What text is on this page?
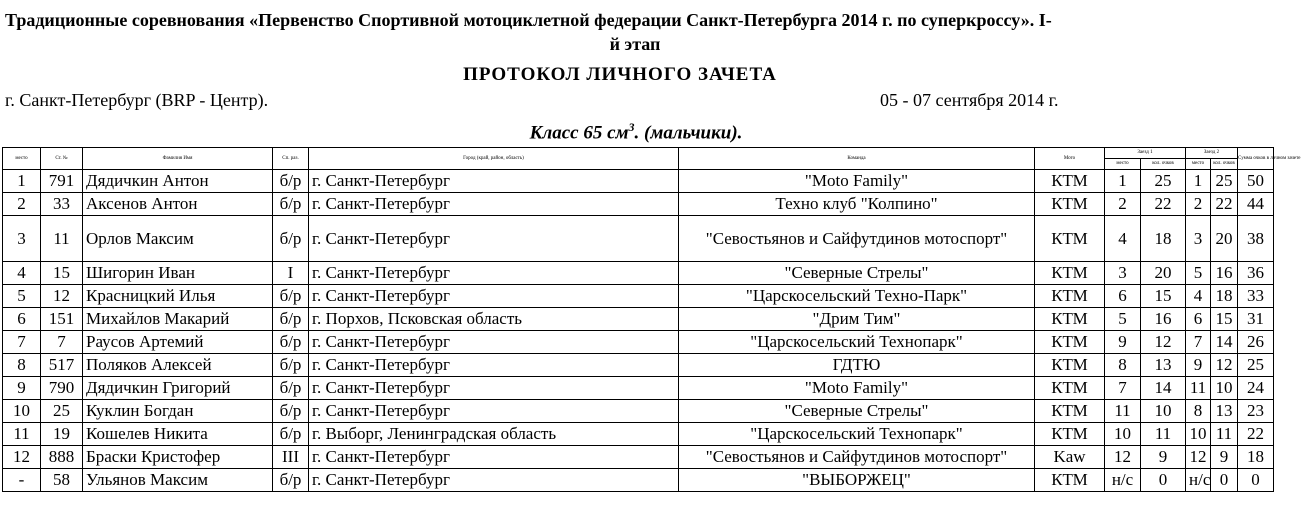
Традиционные соревнования «Первенство Спортивной мотоциклетной федерации Санкт-Петербурга 2014 г. по суперкроссу». I-
й этап
ПРОТОКОЛ ЛИЧНОГО ЗАЧЕТА
г. Санкт-Петербург (BRP - Центр).	05 - 07 сентября 2014 г.
Класс 65 $см^3$. (мальчики).
место	Ст. №	Фамилия Имя	Сп. раз.	Город (край, район, область)	Команда	Мото	Заезд 1		Заезд 2		Сумма очков в личном зачете
							место	кол. очков	место	кол. очков	
1	791	Дядичкин Антон	б/р	г. Санкт-Петербург	"Moto Family"	КТМ	1	25	1	25	50
2	33	Аксенов Антон	б/р	г. Санкт-Петербург	Техно клуб "Колпино"	КТМ	2	22	2	22	44
3	11	Орлов Максим	б/р	г. Санкт-Петербург	"Севостьянов и Сайфутдинов мотоспорт"	КТМ	4	18	3	20	38
4	15	Шигорин Иван	I	г. Санкт-Петербург	"Северные Стрелы"	КТМ	3	20	5	16	36
5	12	Красницкий Илья	б/р	г. Санкт-Петербург	"Царскосельский Техно-Парк"	КТМ	6	15	4	18	33
6	151	Михайлов Макарий	б/р	г. Порхов, Псковская область	"Дрим Тим"	КТМ	5	16	6	15	31
7	7	Раусов Артемий	б/р	г. Санкт-Петербург	"Царскосельский Технопарк"	КТМ	9	12	7	14	26
8	517	Поляков Алексей	б/р	г. Санкт-Петербург	ГДТЮ	КТМ	8	13	9	12	25
9	790	Дядичкин Григорий	б/р	г. Санкт-Петербург	"Moto Family"	КТМ	7	14	11	10	24
10	25	Куклин Богдан	б/р	г. Санкт-Петербург	"Северные Стрелы"	КТМ	11	10	8	13	23
11	19	Кошелев Никита	б/р	г. Выборг, Ленинградская область	"Царскосельский Технопарк"	КТМ	10	11	10	11	22
12	888	Браски Кристофер	III	г. Санкт-Петербург	"Севостьянов и Сайфутдинов мотоспорт"	Kaw	12	9	12	9	18
-	58	Ульянов Максим	б/р	г. Санкт-Петербург	"ВЫБОРЖЕЦ"	КТМ	н/с	0	н/с	0	0
